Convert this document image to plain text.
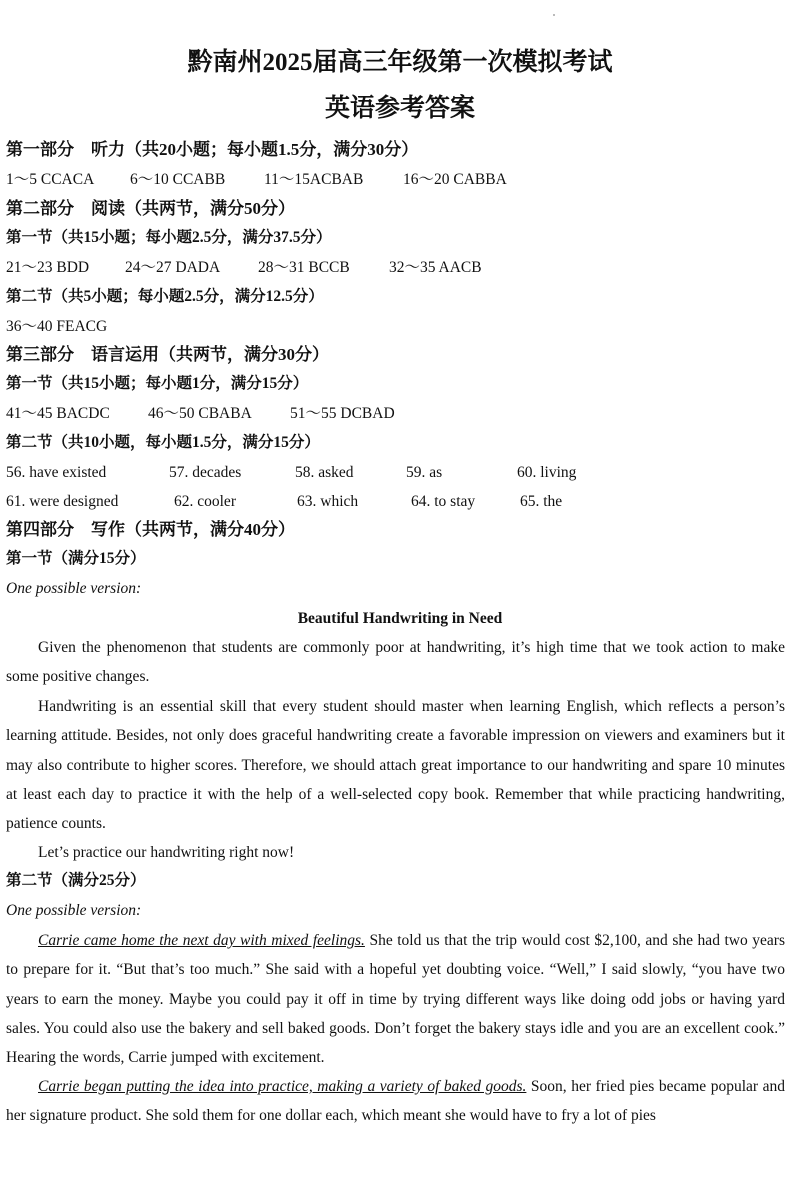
黔南州2025届高三年级第一次模拟考试
英语参考答案
第一部分　听力（共20小题；每小题1.5分，满分30分）
1～5 CCACA 6～10 CCABB	11～15ACBAB	16～20 CABBA
第二部分　阅读（共两节，满分50分）
第一节（共15小题；每小题2.5分，满分37.5分）
21～23 BDD 24～27 DADA 28～31 BCCB	32～35 AACB
第二节（共5小题；每小题2.5分，满分12.5分）
36～40 FEACG
第三部分　语言运用（共两节，满分30分）
第一节（共15小题；每小题1分，满分15分）
41～45 BACDC 46～50 CBABA 51～55 DCBAD
第二节（共10小题，每小题1.5分，满分15分）
56. have existed	57. decades	58. asked	59. as	60. living
61. were designed	62. cooler	63. which	64. to stay	65. the
第四部分　写作（共两节，满分40分）
第一节（满分15分）
One possible version:
Beautiful Handwriting in Need

Given the phenomenon that students are commonly poor at handwriting, it’s high time that we took action to make some positive changes.

Handwriting is an essential skill that every student should master when learning English, which reflects a person’s learning attitude. Besides, not only does graceful handwriting create a favorable impression on viewers and examiners but it may also contribute to higher scores. Therefore, we should attach great importance to our handwriting and spare 10 minutes at least each day to practice it with the help of a well-selected copy book. Remember that while practicing handwriting, patience counts.

Let’s practice our handwriting right now!

第二节（满分25分）
One possible version:

Carrie came home the next day with mixed feelings. She told us that the trip would cost $2,100, and she had two years to prepare for it. “But that’s too much.” She said with a hopeful yet doubting voice. “Well,” I said slowly, “you have two years to earn the money. Maybe you could pay it off in time by trying different ways like doing odd jobs or having yard sales. You could also use the bakery and sell baked goods. Don’t forget the bakery stays idle and you are an excellent cook.” Hearing the words, Carrie jumped with excitement.

Carrie began putting the idea into practice, making a variety of baked goods. Soon, her fried pies became popular and her signature product. She sold them for one dollar each, which meant she would have to fry a lot of pies
